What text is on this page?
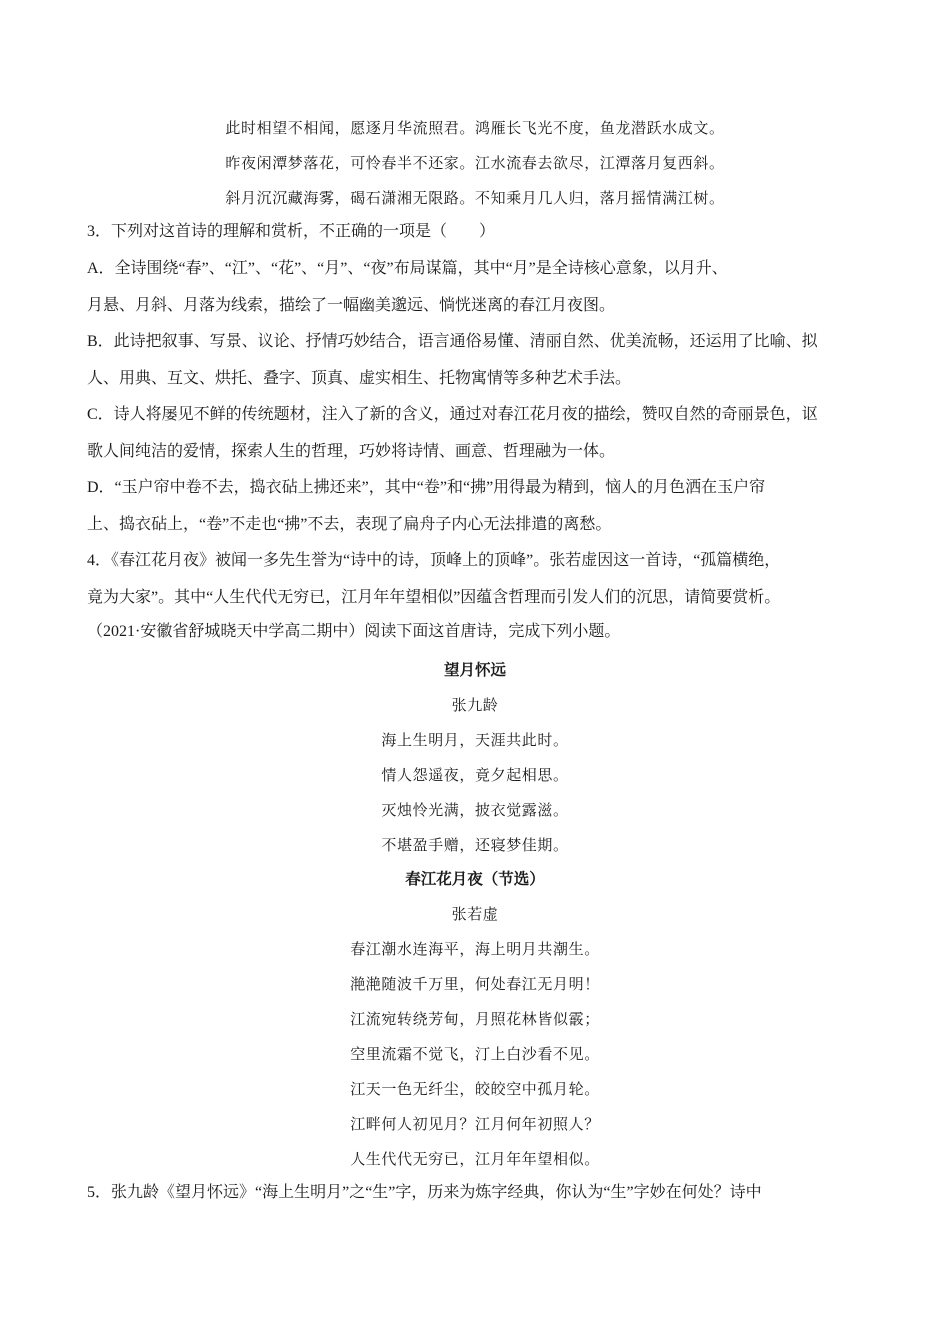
此时相望不相闻，愿逐月华流照君。鸿雁长飞光不度，鱼龙潜跃水成文。
昨夜闲潭梦落花，可怜春半不还家。江水流春去欲尽，江潭落月复西斜。
斜月沉沉藏海雾，碣石潇湘无限路。不知乘月几人归，落月摇情满江树。
3．下列对这首诗的理解和赏析，不正确的一项是（　　）
A．全诗围绕“春”、“江”、“花”、“月”、“夜”布局谋篇，其中“月”是全诗核心意象，以月升、
月悬、月斜、月落为线索，描绘了一幅幽美邈远、惝恍迷离的春江月夜图。
B．此诗把叙事、写景、议论、抒情巧妙结合，语言通俗易懂、清丽自然、优美流畅，还运用了比喻、拟
人、用典、互文、烘托、叠字、顶真、虚实相生、托物寓情等多种艺术手法。
C．诗人将屡见不鲜的传统题材，注入了新的含义，通过对春江花月夜的描绘，赞叹自然的奇丽景色，讴
歌人间纯洁的爱情，探索人生的哲理，巧妙将诗情、画意、哲理融为一体。
D．“玉户帘中卷不去，捣衣砧上拂还来”，其中“卷”和“拂”用得最为精到，恼人的月色洒在玉户帘
上、捣衣砧上，“卷”不走也“拂”不去，表现了扁舟子内心无法排遣的离愁。
4．《春江花月夜》被闻一多先生誉为“诗中的诗，顶峰上的顶峰”。张若虚因这一首诗，“孤篇横绝，
竟为大家”。其中“人生代代无穷已，江月年年望相似”因蕴含哲理而引发人们的沉思，请简要赏析。
（2021·安徽省舒城晓天中学高二期中）阅读下面这首唐诗，完成下列小题。
望月怀远
张九龄
海上生明月，天涯共此时。
情人怨遥夜，竟夕起相思。
灭烛怜光满，披衣觉露滋。
不堪盈手赠，还寝梦佳期。
春江花月夜（节选）
张若虚
春江潮水连海平，海上明月共潮生。
滟滟随波千万里，何处春江无月明！
江流宛转绕芳甸，月照花林皆似霰；
空里流霜不觉飞，汀上白沙看不见。
江天一色无纤尘，皎皎空中孤月轮。
江畔何人初见月？江月何年初照人？
人生代代无穷已，江月年年望相似。
5．张九龄《望月怀远》“海上生明月”之“生”字，历来为炼字经典，你认为“生”字妙在何处？诗中
